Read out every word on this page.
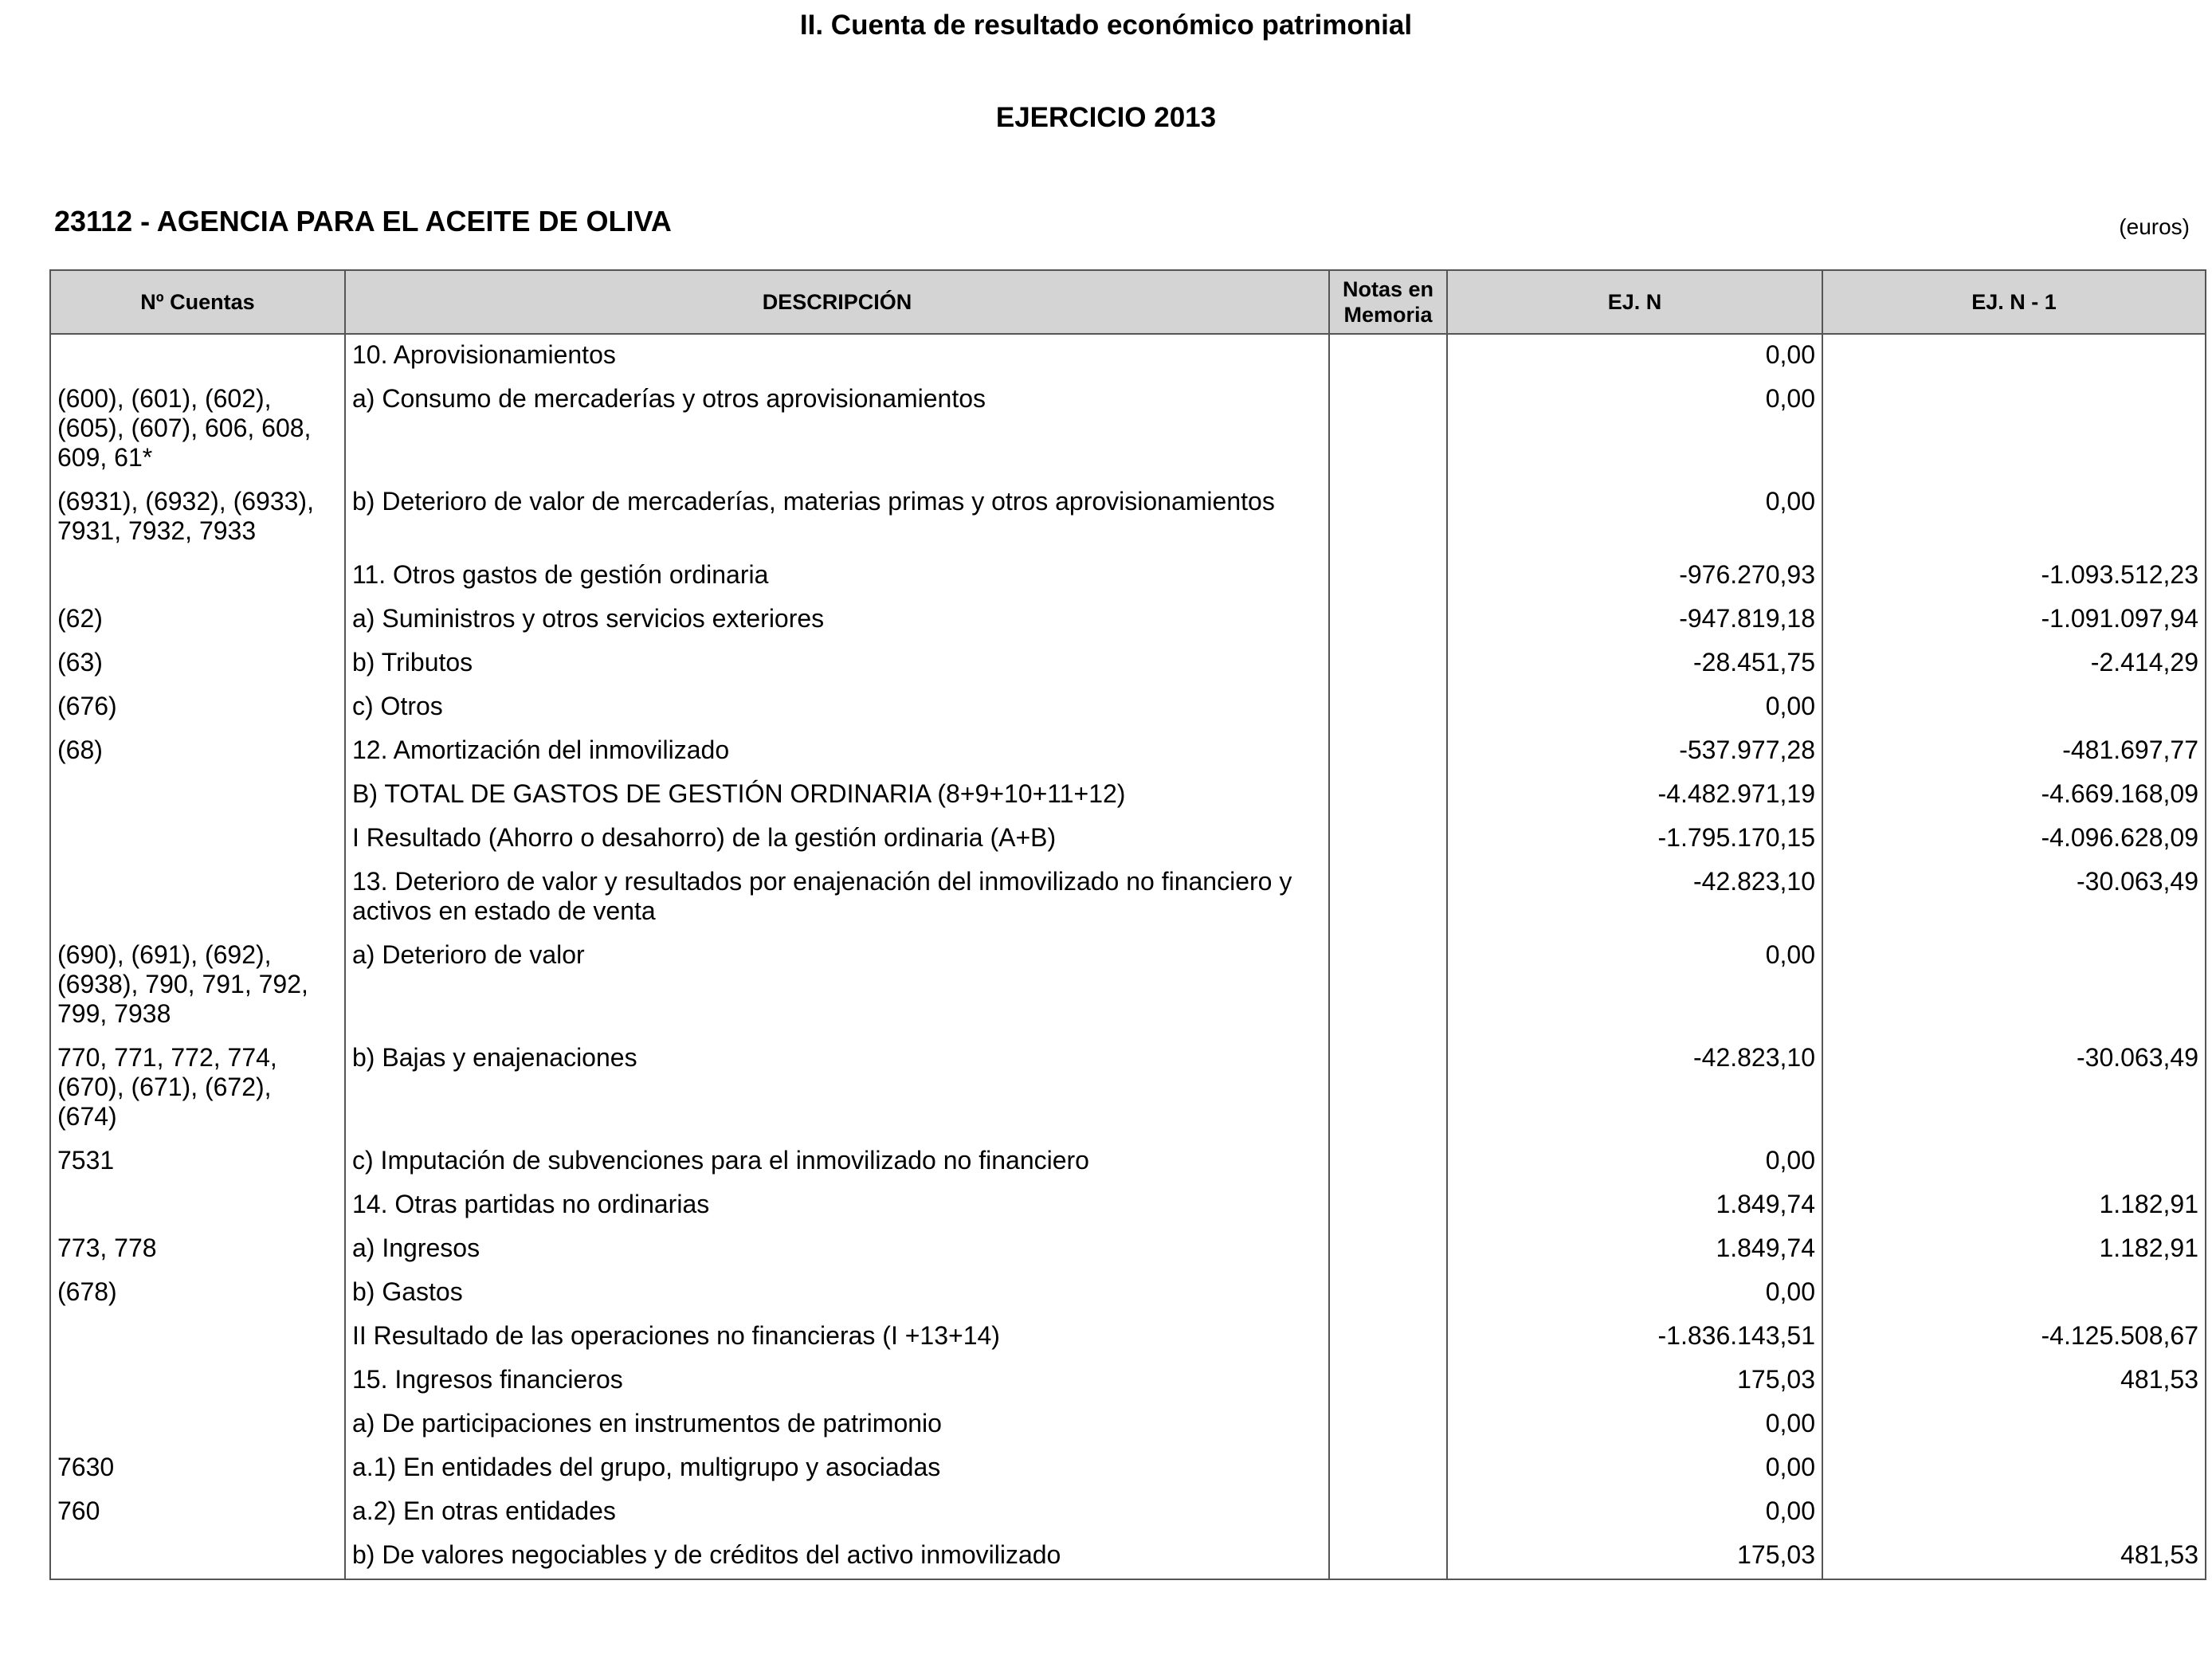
II. Cuenta de resultado económico patrimonial
EJERCICIO 2013
23112 - AGENCIA PARA EL ACEITE DE OLIVA	(euros)
Nº Cuentas	DESCRIPCIÓN	Notas en Memoria	EJ. N	EJ. N - 1
	10. Aprovisionamientos		0,00	
(600), (601), (602), (605), (607), 606, 608, 609, 61*	a) Consumo de mercaderías y otros aprovisionamientos		0,00	
(6931), (6932), (6933), 7931, 7932, 7933	b) Deterioro de valor de mercaderías, materias primas y otros aprovisionamientos		0,00	
	11. Otros gastos de gestión ordinaria		-976.270,93	-1.093.512,23
(62)	a) Suministros y otros servicios exteriores		-947.819,18	-1.091.097,94
(63)	b) Tributos		-28.451,75	-2.414,29
(676)	c) Otros		0,00	
(68)	12. Amortización del inmovilizado		-537.977,28	-481.697,77
	B) TOTAL DE GASTOS DE GESTIÓN ORDINARIA (8+9+10+11+12)		-4.482.971,19	-4.669.168,09
	I Resultado (Ahorro o desahorro) de la gestión ordinaria (A+B)		-1.795.170,15	-4.096.628,09
	13. Deterioro de valor y resultados por enajenación del inmovilizado no financiero y activos en estado de venta		-42.823,10	-30.063,49
(690), (691), (692), (6938), 790, 791, 792, 799, 7938	a) Deterioro de valor		0,00	
770, 771, 772, 774, (670), (671), (672), (674)	b) Bajas y enajenaciones		-42.823,10	-30.063,49
7531	c) Imputación de subvenciones para el inmovilizado no financiero		0,00	
	14. Otras partidas no ordinarias		1.849,74	1.182,91
773, 778	a) Ingresos		1.849,74	1.182,91
(678)	b) Gastos		0,00	
	II Resultado de las operaciones no financieras (I +13+14)		-1.836.143,51	-4.125.508,67
	15. Ingresos financieros		175,03	481,53
	a) De participaciones en instrumentos de patrimonio		0,00	
7630	a.1) En entidades del grupo, multigrupo y asociadas		0,00	
760	a.2) En otras entidades		0,00	
	b) De valores negociables y de créditos del activo inmovilizado		175,03	481,53
